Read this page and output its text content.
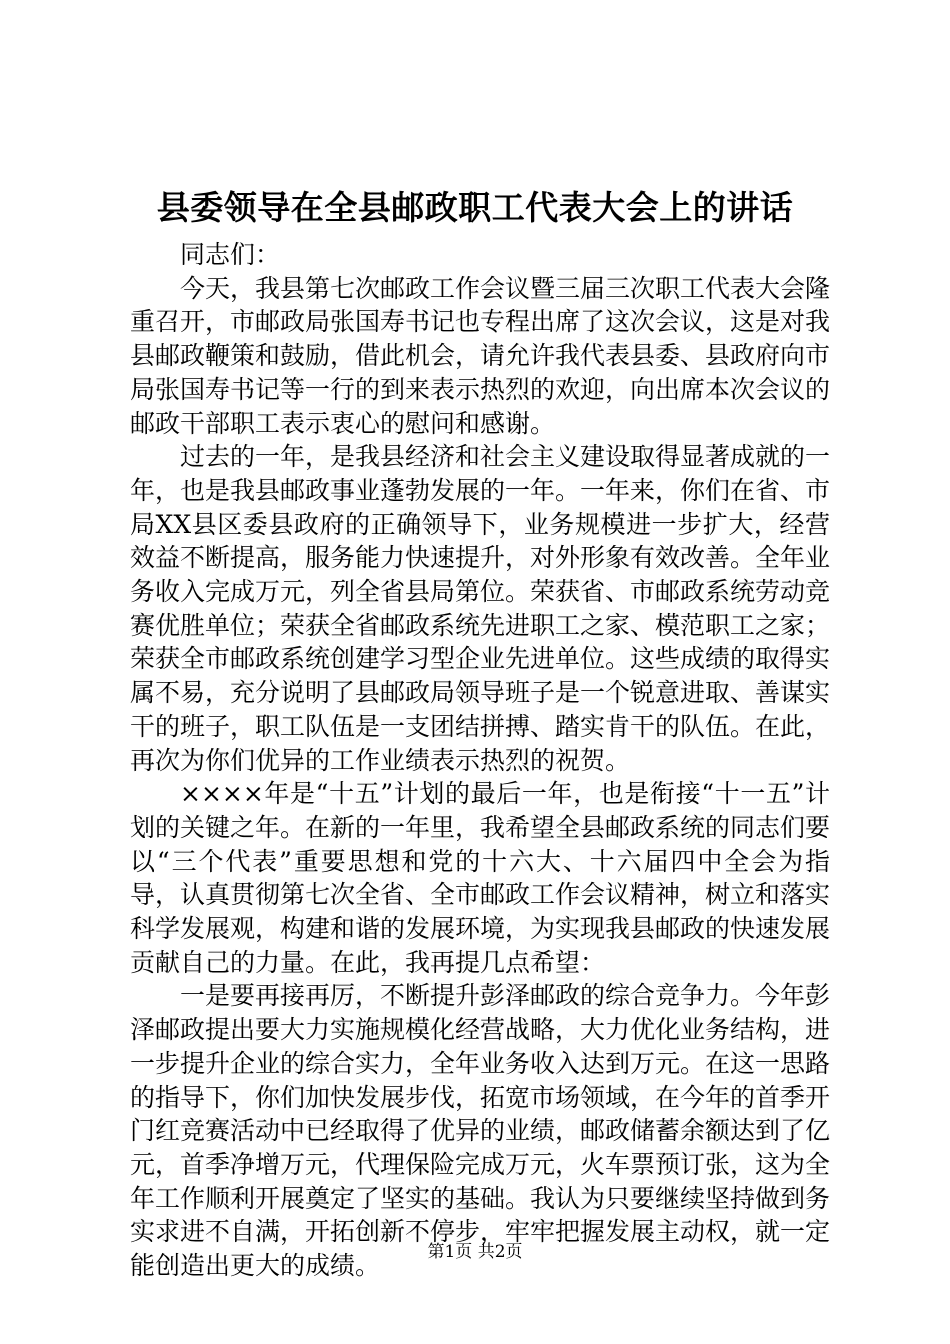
县委领导在全县邮政职工代表大会上的讲话

同志们：

今天，我县第七次邮政工作会议暨三届三次职工代表大会隆重召开，市邮政局张国寿书记也专程出席了这次会议，这是对我县邮政鞭策和鼓励，借此机会，请允许我代表县委、县政府向市局张国寿书记等一行的到来表示热烈的欢迎，向出席本次会议的邮政干部职工表示衷心的慰问和感谢。

过去的一年，是我县经济和社会主义建设取得显著成就的一年，也是我县邮政事业蓬勃发展的一年。一年来，你们在省、市局XX县区委县政府的正确领导下，业务规模进一步扩大，经营效益不断提高，服务能力快速提升，对外形象有效改善。全年业务收入完成万元，列全省县局第位。荣获省、市邮政系统劳动竞赛优胜单位；荣获全省邮政系统先进职工之家、模范职工之家；荣获全市邮政系统创建学习型企业先进单位。这些成绩的取得实属不易，充分说明了县邮政局领导班子是一个锐意进取、善谋实干的班子，职工队伍是一支团结拼搏、踏实肯干的队伍。在此，再次为你们优异的工作业绩表示热烈的祝贺。

××××年是“十五”计划的最后一年，也是衔接“十一五”计划的关键之年。在新的一年里，我希望全县邮政系统的同志们要以“三个代表”重要思想和党的十六大、十六届四中全会为指导，认真贯彻第七次全省、全市邮政工作会议精神，树立和落实科学发展观，构建和谐的发展环境，为实现我县邮政的快速发展贡献自己的力量。在此，我再提几点希望：

一是要再接再厉，不断提升彭泽邮政的综合竞争力。今年彭泽邮政提出要大力实施规模化经营战略，大力优化业务结构，进一步提升企业的综合实力，全年业务收入达到万元。在这一思路的指导下，你们加快发展步伐，拓宽市场领域，在今年的首季开门红竞赛活动中已经取得了优异的业绩，邮政储蓄余额达到了亿元，首季净增万元，代理保险完成万元，火车票预订张，这为全年工作顺利开展奠定了坚实的基础。我认为只要继续坚持做到务实求进不自满，开拓创新不停步，牢牢把握发展主动权，就一定能创造出更大的成绩。	第1页 共2页
